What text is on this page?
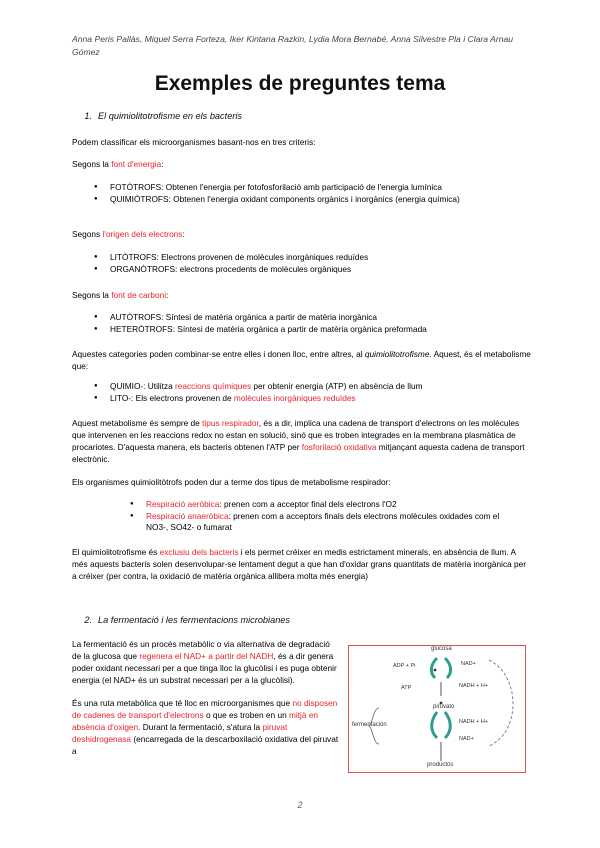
Anna Peris Pallàs, Miquel Serra Forteza, Iker Kintana Razkin, Lydia Mora Bernabé, Anna Silvestre Pla i Clara Arnau Gómez
Exemples de preguntes tema
1. El quimiolitotrofisme en els bacteris
Podem classificar els microorganismes basant-nos en tres criteris:
Segons la font d'energia:
● FOTÒTROFS: Obtenen l'energia per fotofosforilació amb participació de l'energia lumínica
● QUIMIÒTROFS: Obtenen l'energia oxidant components orgànics i inorgànics (energia química)
Segons l'origen dels electrons:
● LITÒTROFS: Electrons provenen de molècules inorgàniques reduïdes
● ORGANÒTROFS: electrons procedents de molècules orgàniques
Segons la font de carboni:
● AUTÒTROFS: Síntesi de matèria orgànica a partir de matèria inorgànica
● HETERÒTROFS: Síntesi de matèria orgànica a partir de matèria orgànica preformada
Aquestes categories poden combinar-se entre elles i donen lloc, entre altres, al quimiolitotrofisme. Aquest, és el metabolisme que:
● QUIMIO-: Utilitza reaccions químiques per obtenir energia (ATP) en absència de llum
● LITO-: Els electrons provenen de molècules inorgàniques reduïdes
Aquest metabolisme és sempre de tipus respirador, és a dir, implica una cadena de transport d'electrons on les molècules que intervenen en les reaccions redox no estan en solució, sinó que es troben integrades en la membrana plasmàtica de procariotes. D'aquesta manera, els bacteris obtenen l'ATP per fosforilació oxidativa mitjançant aquesta cadena de transport electrònic.
Els organismes quimiolitòtrofs poden dur a terme dos tipus de metabolisme respirador:
● Respiració aeròbica: prenen com a acceptor final dels electrons l'O2
● Respiració anaeròbica: prenen com a acceptors finals dels electrons molècules oxidades com el NO3-, SO42- o fumarat
El quimiolitotrofisme és exclusiu dels bacteris i els permet créixer en medis estrictament minerals, en absència de llum. A més aquests bacteris solen desenvolupar-se lentament degut a que han d'oxidar grans quantitats de matèria inorgànica per a créixer (per contra, la oxidació de matèria orgànica allibera molta més energia)
2. La fermentació i les fermentacions microbianes
La fermentació és un procés metabòlic o via alternativa de degradació de la glucosa que regenera el NAD+ a partir del NADH, és a dir genera poder oxidant necessari per a que tinga lloc la glucòlisi i es puga obtenir energia (el NAD+ és un substrat necessari per a la glucòlisi).
És una ruta metabòlica que té lloc en microorganismes que no disposen de cadenes de transport d'electrons o que es troben en un mitjà en absència d'oxigen. Durant la fermentació, s'atura la piruvat deshidrogenasa (encarregada de la descarboxilació oxidativa del piruvat a
glucosa
ADP + Pi
ATP
NAD+
NADH + H+
piruvato
fermentación	NADH + H+
NAD+
productos
2
